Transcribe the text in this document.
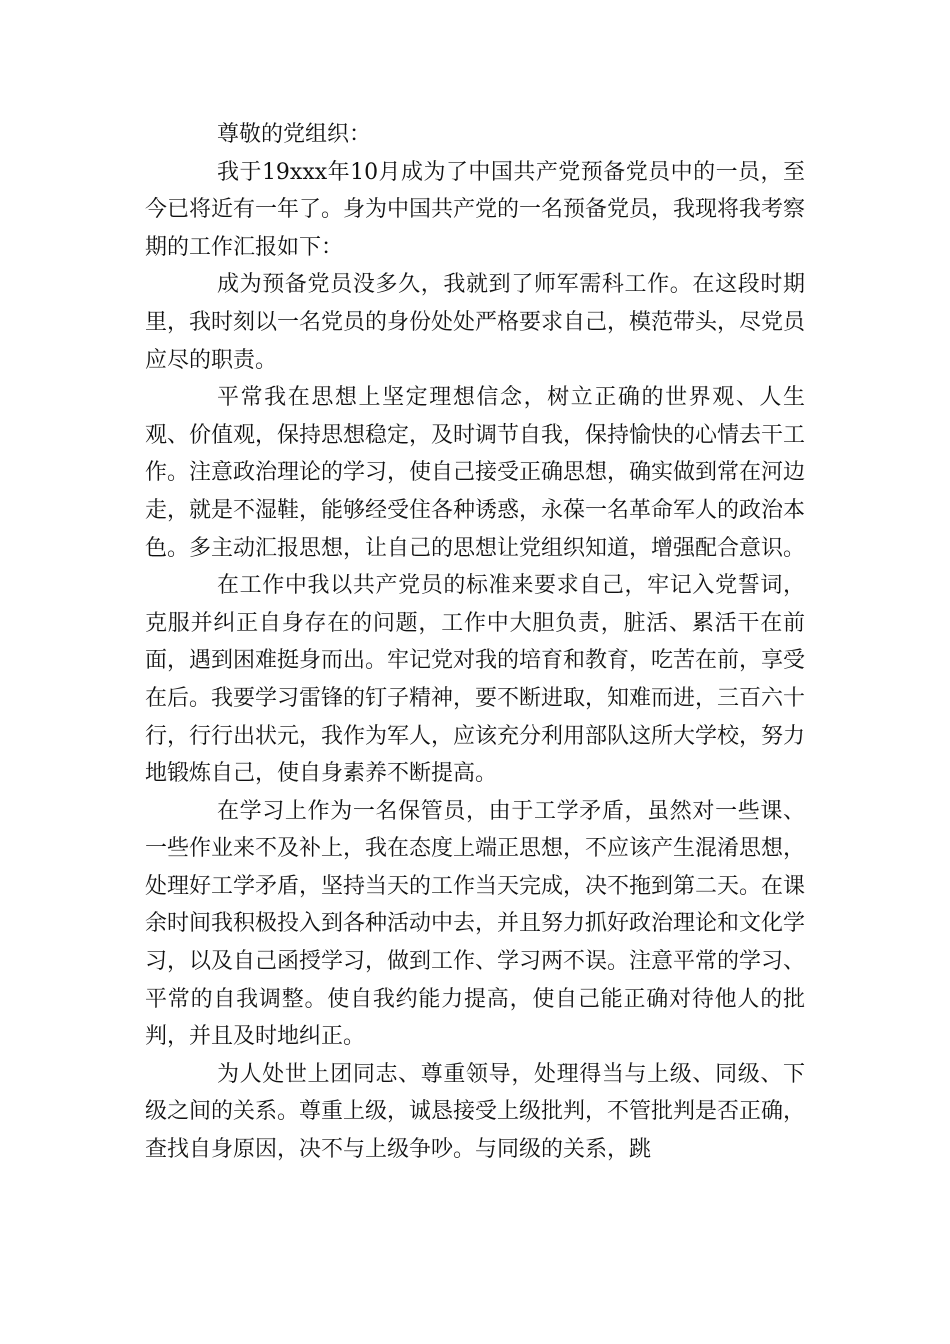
尊敬的党组织：

我于19xxx年10月成为了中国共产党预备党员中的一员，至今已将近有一年了。身为中国共产党的一名预备党员，我现将我考察期的工作汇报如下：

成为预备党员没多久，我就到了师军需科工作。在这段时期里，我时刻以一名党员的身份处处严格要求自己，模范带头，尽党员应尽的职责。

平常我在思想上坚定理想信念，树立正确的世界观、人生观、价值观，保持思想稳定，及时调节自我，保持愉快的心情去干工作。注意政治理论的学习，使自己接受正确思想，确实做到常在河边走，就是不湿鞋，能够经受住各种诱惑，永葆一名革命军人的政治本色。多主动汇报思想，让自己的思想让党组织知道，增强配合意识。

在工作中我以共产党员的标准来要求自己，牢记入党誓词，克服并纠正自身存在的问题，工作中大胆负责，脏活、累活干在前面，遇到困难挺身而出。牢记党对我的培育和教育，吃苦在前，享受在后。我要学习雷锋的钉子精神，要不断进取，知难而进，三百六十行，行行出状元，我作为军人，应该充分利用部队这所大学校，努力地锻炼自己，使自身素养不断提高。

在学习上作为一名保管员，由于工学矛盾，虽然对一些课、一些作业来不及补上，我在态度上端正思想，不应该产生混淆思想，处理好工学矛盾，坚持当天的工作当天完成，决不拖到第二天。在课余时间我积极投入到各种活动中去，并且努力抓好政治理论和文化学习，以及自己函授学习，做到工作、学习两不误。注意平常的学习、平常的自我调整。使自我约能力提高，使自己能正确对待他人的批判，并且及时地纠正。

为人处世上团同志、尊重领导，处理得当与上级、同级、下级之间的关系。尊重上级，诚恳接受上级批判，不管批判是否正确，查找自身原因，决不与上级争吵。与同级的关系，跳
